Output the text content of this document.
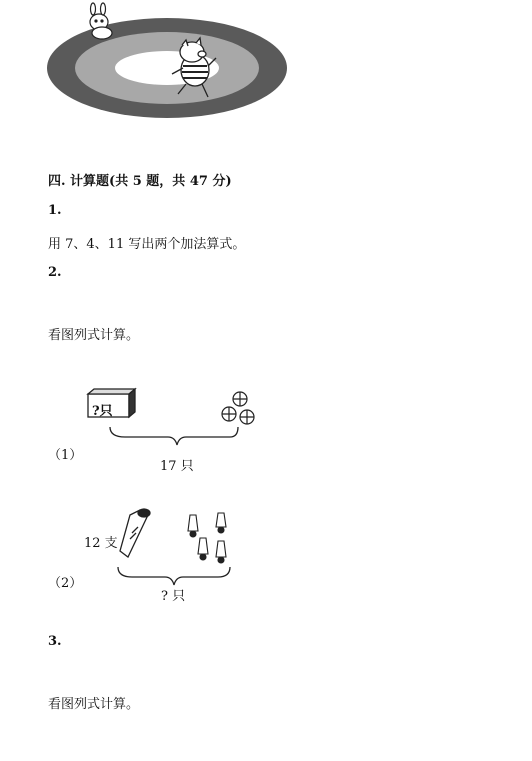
四. 计算题(共 5 题，共 47 分)
1.
用 7、4、11 写出两个加法算式。
2.
看图列式计算。
（1）
?只
17 只
（2）
12 支
? 只
3.
看图列式计算。
